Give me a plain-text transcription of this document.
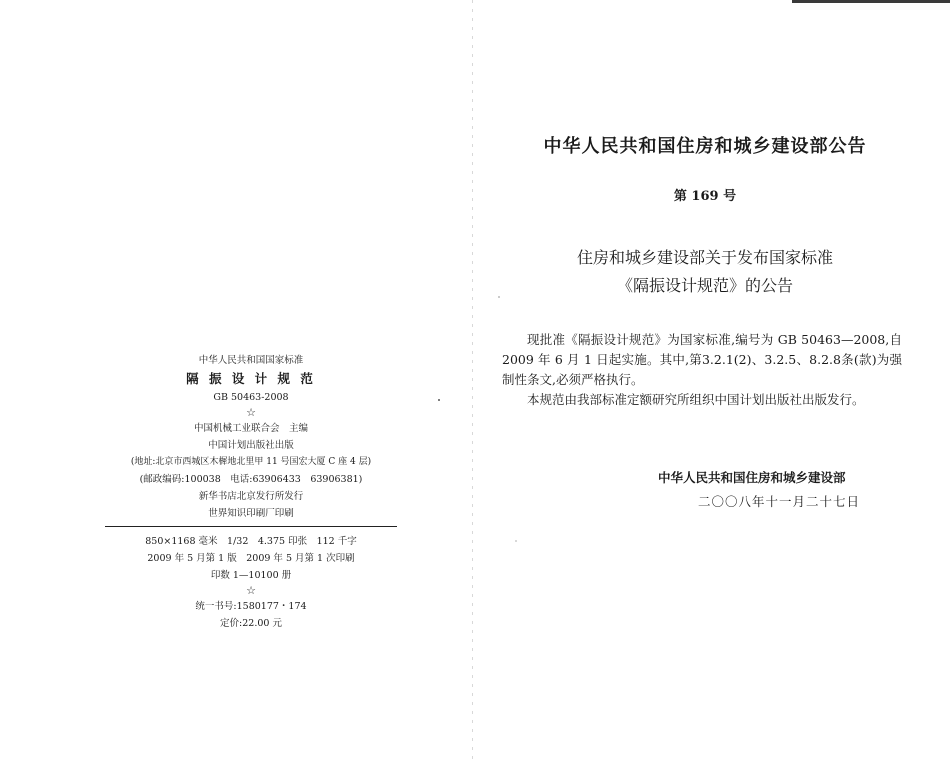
中华人民共和国国家标准
隔 振 设 计 规 范
GB 50463-2008
☆
中国机械工业联合会　主编
中国计划出版社出版
(地址:北京市西城区木樨地北里甲 11 号国宏大厦 C 座 4 层)
(邮政编码:100038　电话:63906433　63906381)
新华书店北京发行所发行
世界知识印刷厂印刷
850×1168 毫米　1/32　4.375 印张　112 千字
2009 年 5 月第 1 版　2009 年 5 月第 1 次印刷
印数 1—10100 册
☆
统一书号:1580177・174
定价:22.00 元
中华人民共和国住房和城乡建设部公告
第 169 号
住房和城乡建设部关于发布国家标准
《隔振设计规范》的公告

现批准《隔振设计规范》为国家标准,编号为 GB 50463—2008,自 2009 年 6 月 1 日起实施。其中,第3.2.1(2)、3.2.5、8.2.8条(款)为强制性条文,必须严格执行。

本规范由我部标准定额研究所组织中国计划出版社出版发行。

中华人民共和国住房和城乡建设部
二〇〇八年十一月二十七日
